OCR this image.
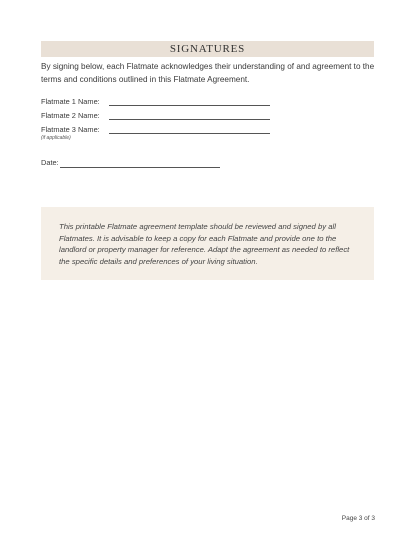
SIGNATURES
By signing below, each Flatmate acknowledges their understanding of and agreement to the terms and conditions outlined in this Flatmate Agreement.
Flatmate 1 Name:
Flatmate 2 Name:
Flatmate 3 Name:
(if applicable)
Date:
This printable Flatmate agreement template should be reviewed and signed by all Flatmates. It is advisable to keep a copy for each Flatmate and provide one to the landlord or property manager for reference. Adapt the agreement as needed to reflect the specific details and preferences of your living situation.
Page 3 of 3
